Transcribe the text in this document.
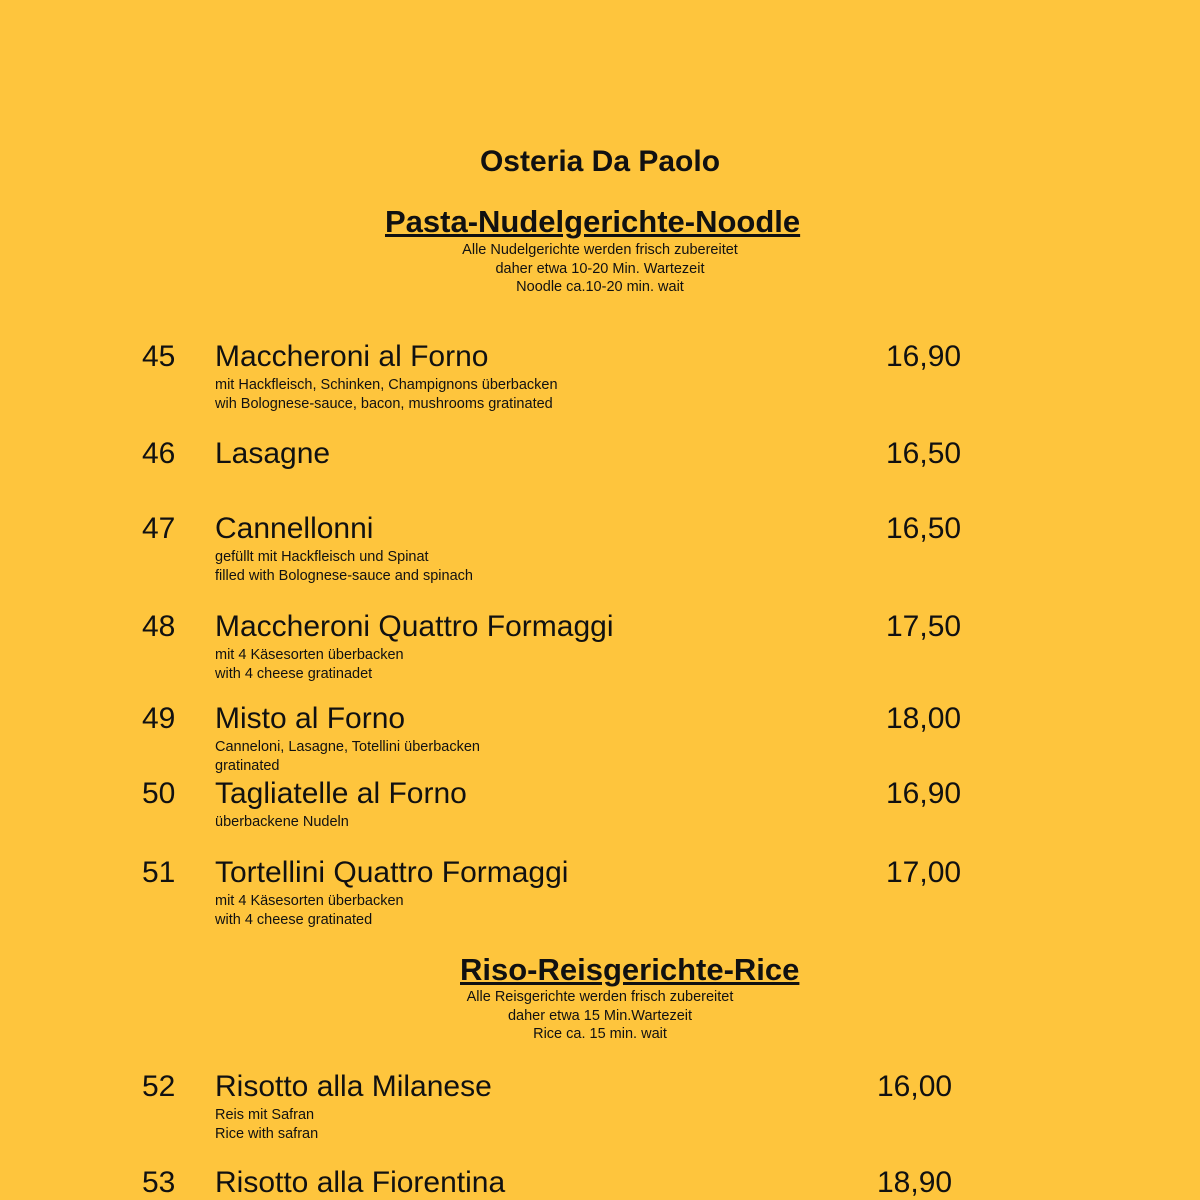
Osteria Da Paolo
Pasta-Nudelgerichte-Noodle
Alle Nudelgerichte werden frisch zubereitet
daher etwa 10-20 Min. Wartezeit
Noodle ca.10-20 min. wait
45 Maccheroni al Forno	16,90
mit Hackfleisch, Schinken, Champignons überbacken
wih Bolognese-sauce, bacon, mushrooms gratinated
46 Lasagne	16,50
47 Cannellonni	16,50
gefüllt mit Hackfleisch und Spinat
filled with Bolognese-sauce and spinach
48 Maccheroni Quattro Formaggi	17,50
mit 4 Käsesorten überbacken
with 4 cheese gratinadet
49 Misto al Forno	18,00
Canneloni, Lasagne, Totellini überbacken
gratinated
50 Tagliatelle al Forno	16,90
überbackene Nudeln
51 Tortellini Quattro Formaggi	17,00
mit 4 Käsesorten überbacken
with 4 cheese gratinated
Riso-Reisgerichte-Rice
Alle Reisgerichte werden frisch zubereitet
daher etwa 15 Min.Wartezeit
Rice ca. 15 min. wait
52 Risotto alla Milanese	16,00
Reis mit Safran
Rice with safran
53 Risotto alla Fiorentina	18,90
